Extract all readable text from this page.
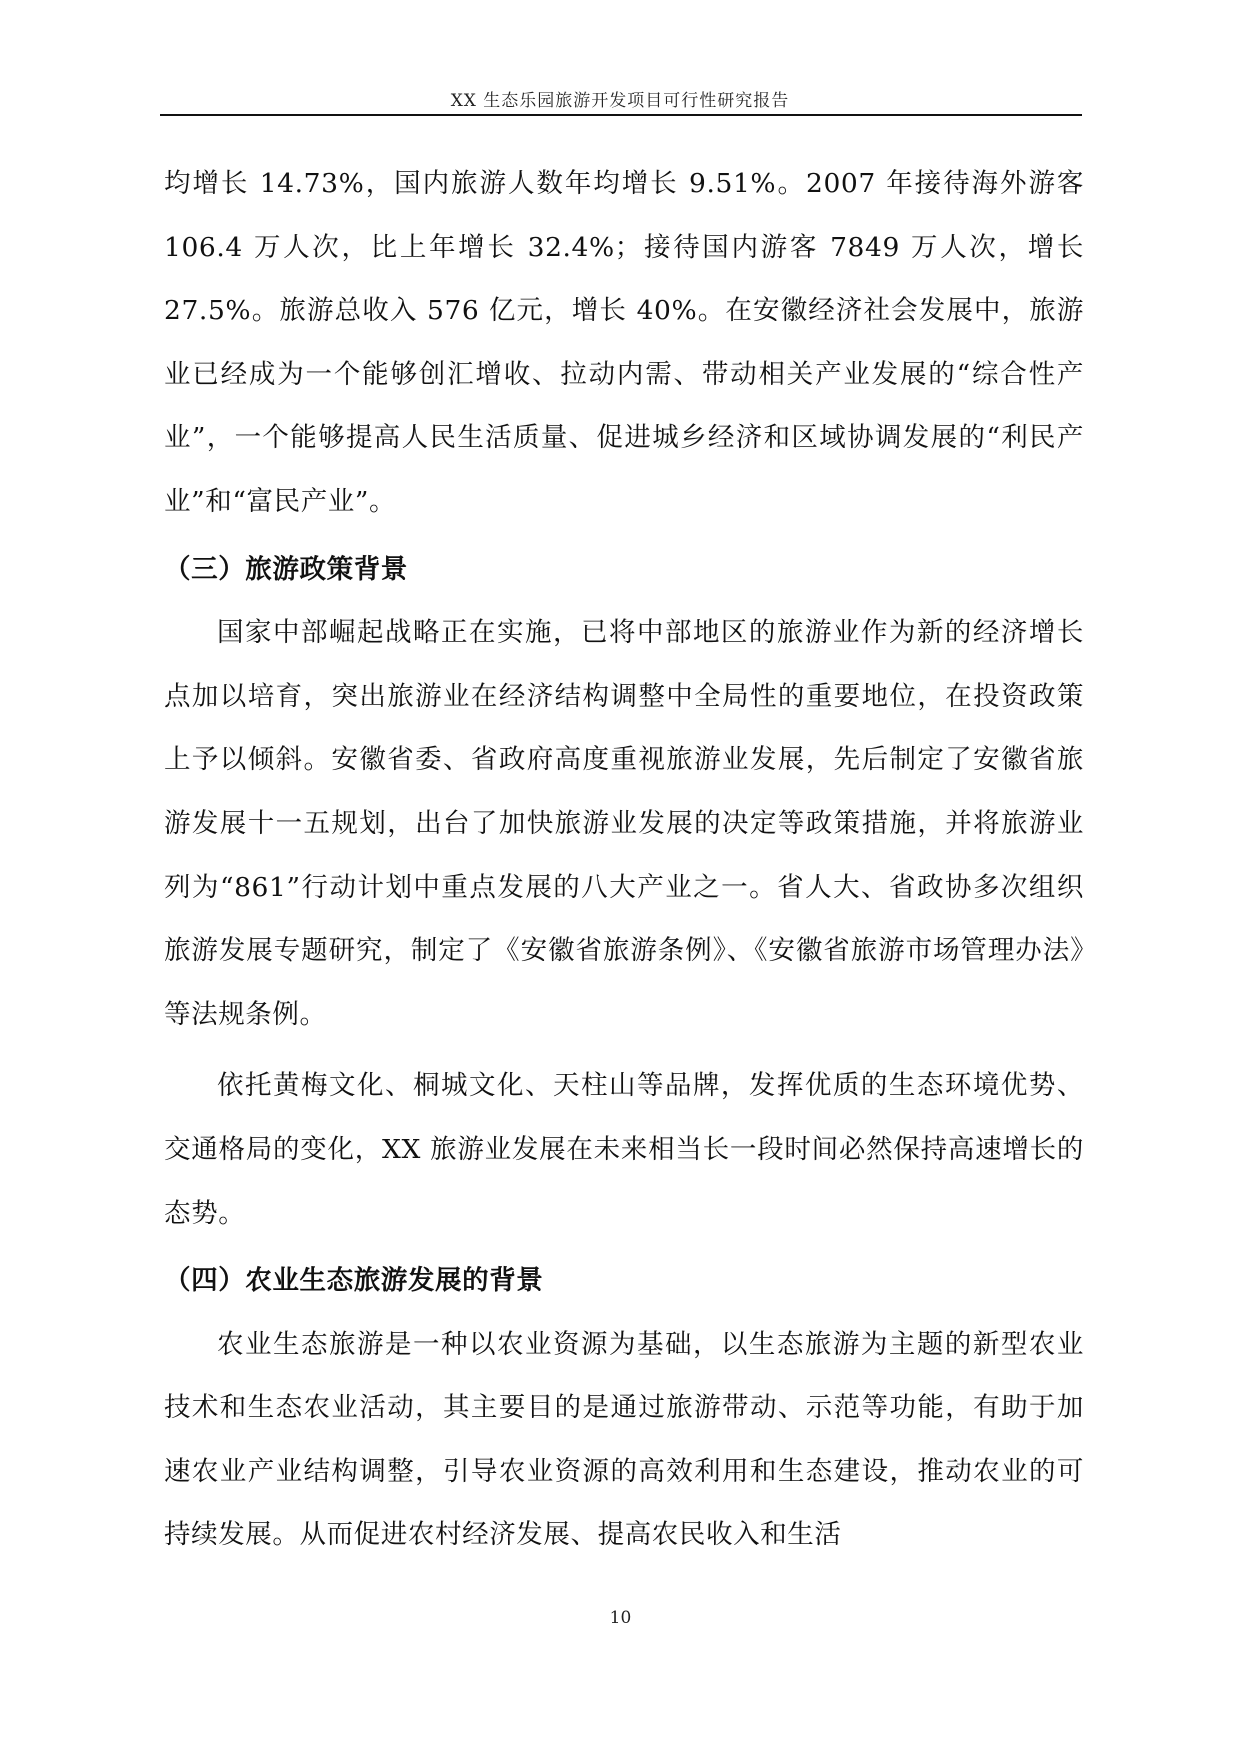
XX 生态乐园旅游开发项目可行性研究报告

均增长 14.73%，国内旅游人数年均增长 9.51%。2007 年接待海外游客 106.4 万人次，比上年增长 32.4%；接待国内游客 7849 万人次，增长 27.5%。旅游总收入 576 亿元，增长 40%。在安徽经济社会发展中，旅游业已经成为一个能够创汇增收、拉动内需、带动相关产业发展的“综合性产业”，一个能够提高人民生活质量、促进城乡经济和区域协调发展的“利民产业”和“富民产业”。

（三）旅游政策背景

国家中部崛起战略正在实施，已将中部地区的旅游业作为新的经济增长点加以培育，突出旅游业在经济结构调整中全局性的重要地位，在投资政策上予以倾斜。安徽省委、省政府高度重视旅游业发展，先后制定了安徽省旅游发展十一五规划，出台了加快旅游业发展的决定等政策措施，并将旅游业列为“861”行动计划中重点发展的八大产业之一。省人大、省政协多次组织旅游发展专题研究，制定了《安徽省旅游条例》、《安徽省旅游市场管理办法》等法规条例。

依托黄梅文化、桐城文化、天柱山等品牌，发挥优质的生态环境优势、交通格局的变化，XX 旅游业发展在未来相当长一段时间必然保持高速增长的态势。

（四）农业生态旅游发展的背景

农业生态旅游是一种以农业资源为基础，以生态旅游为主题的新型农业技术和生态农业活动，其主要目的是通过旅游带动、示范等功能，有助于加速农业产业结构调整，引导农业资源的高效利用和生态建设，推动农业的可持续发展。从而促进农村经济发展、提高农民收入和生活

10
